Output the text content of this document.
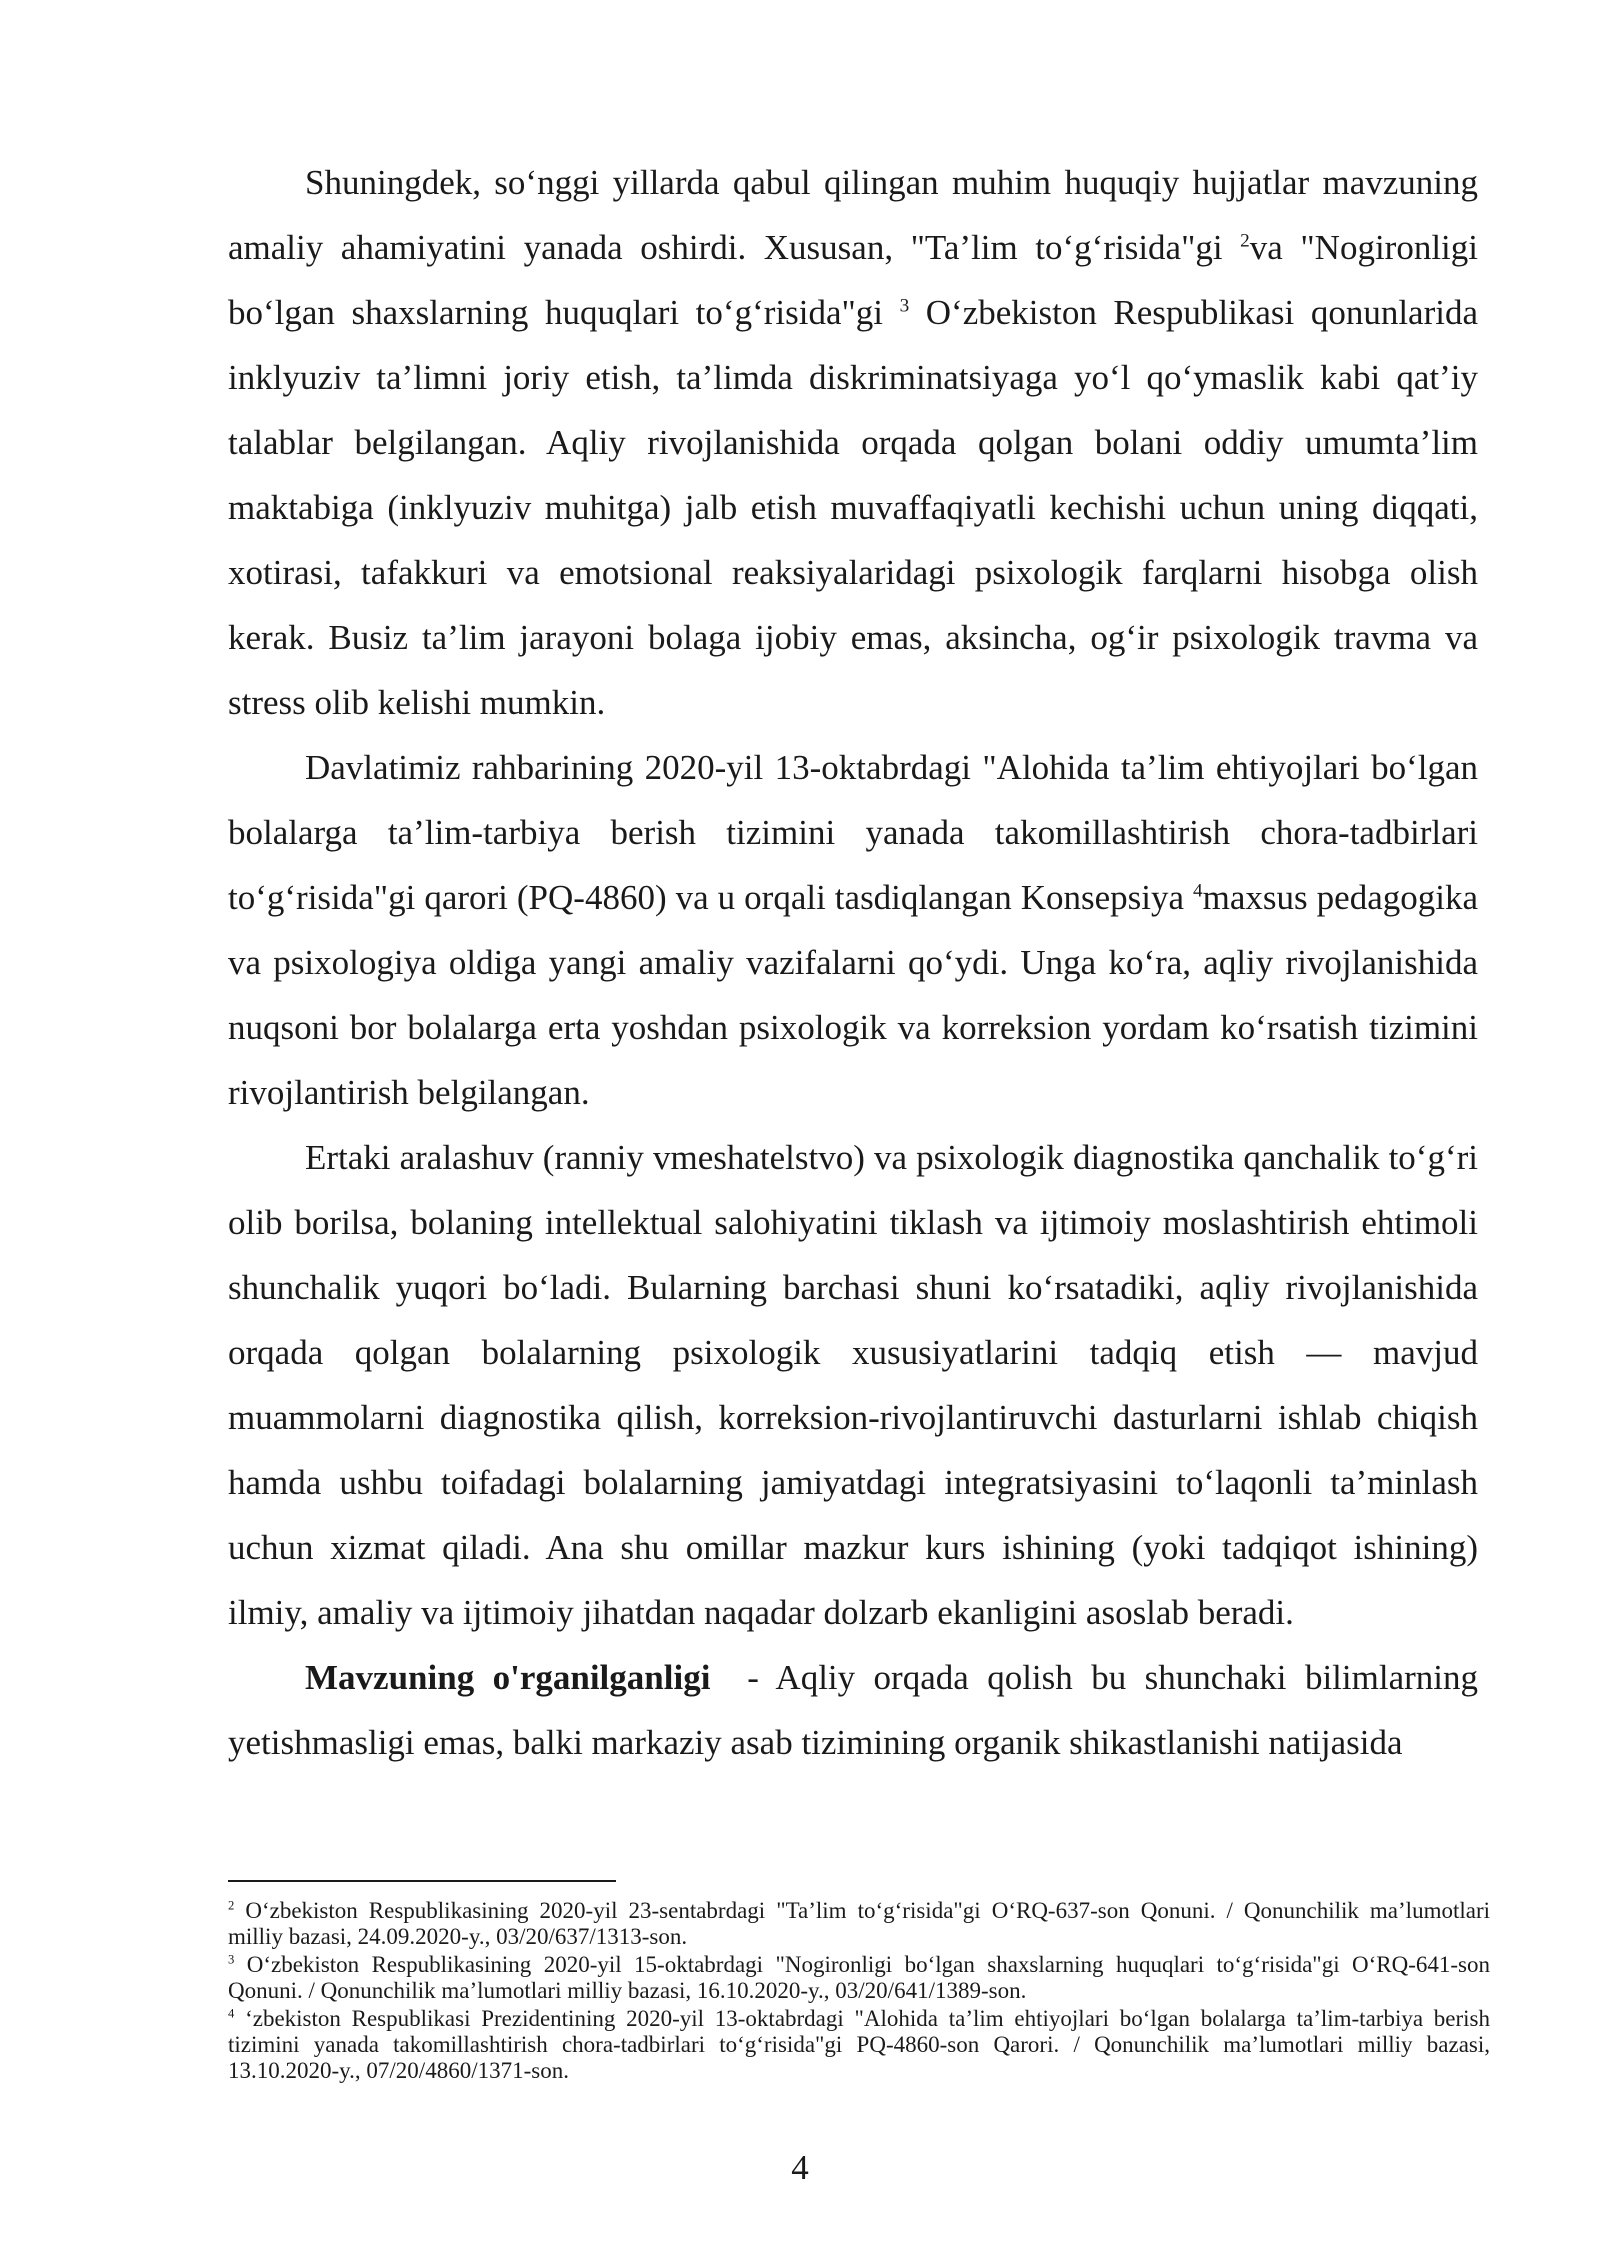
Shuningdek, so‘nggi yillarda qabul qilingan muhim huquqiy hujjatlar mavzuning amaliy ahamiyatini yanada oshirdi. Xususan, "Ta’lim to‘g‘risida"gi $^2$va "Nogironligi bo‘lgan shaxslarning huquqlari to‘g‘risida"gi $^3$ O‘zbekiston Respublikasi qonunlarida inklyuziv ta’limni joriy etish, ta’limda diskriminatsiyaga yo‘l qo‘ymaslik kabi qat’iy talablar belgilangan. Aqliy rivojlanishida orqada qolgan bolani oddiy umumta’lim maktabiga (inklyuziv muhitga) jalb etish muvaffaqiyatli kechishi uchun uning diqqati, xotirasi, tafakkuri va emotsional reaksiyalaridagi psixologik farqlarni hisobga olish kerak. Busiz ta’lim jarayoni bolaga ijobiy emas, aksincha, og‘ir psixologik travma va stress olib kelishi mumkin.

Davlatimiz rahbarining 2020-yil 13-oktabrdagi "Alohida ta’lim ehtiyojlari bo‘lgan bolalarga ta’lim-tarbiya berish tizimini yanada takomillashtirish chora-tadbirlari to‘g‘risida"gi qarori (PQ-4860) va u orqali tasdiqlangan Konsepsiya $^4$maxsus pedagogika va psixologiya oldiga yangi amaliy vazifalarni qo‘ydi. Unga ko‘ra, aqliy rivojlanishida nuqsoni bor bolalarga erta yoshdan psixologik va korreksion yordam ko‘rsatish tizimini rivojlantirish belgilangan.

Ertaki aralashuv (ranniy vmeshatelstvo) va psixologik diagnostika qanchalik to‘g‘ri olib borilsa, bolaning intellektual salohiyatini tiklash va ijtimoiy moslashtirish ehtimoli shunchalik yuqori bo‘ladi. Bularning barchasi shuni ko‘rsatadiki, aqliy rivojlanishida orqada qolgan bolalarning psixologik xususiyatlarini tadqiq etish — mavjud muammolarni diagnostika qilish, korreksion-rivojlantiruvchi dasturlarni ishlab chiqish hamda ushbu toifadagi bolalarning jamiyatdagi integratsiyasini to‘laqonli ta’minlash uchun xizmat qiladi. Ana shu omillar mazkur kurs ishining (yoki tadqiqot ishining) ilmiy, amaliy va ijtimoiy jihatdan naqadar dolzarb ekanligini asoslab beradi.

Mavzuning o'rganilganligi  - Aqliy orqada qolish bu shunchaki bilimlarning yetishmasligi emas, balki markaziy asab tizimining organik shikastlanishi natijasida

$^2$ O‘zbekiston Respublikasining 2020-yil 23-sentabrdagi "Ta’lim to‘g‘risida"gi O‘RQ-637-son Qonuni. / Qonunchilik ma’lumotlari milliy bazasi, 24.09.2020-y., 03/20/637/1313-son.

$^3$ O‘zbekiston Respublikasining 2020-yil 15-oktabrdagi "Nogironligi bo‘lgan shaxslarning huquqlari to‘g‘risida"gi O‘RQ-641-son Qonuni. / Qonunchilik ma’lumotlari milliy bazasi, 16.10.2020-y., 03/20/641/1389-son.

$^4$ ‘zbekiston Respublikasi Prezidentining 2020-yil 13-oktabrdagi "Alohida ta’lim ehtiyojlari bo‘lgan bolalarga ta’lim-tarbiya berish tizimini yanada takomillashtirish chora-tadbirlari to‘g‘risida"gi PQ-4860-son Qarori. / Qonunchilik ma’lumotlari milliy bazasi, 13.10.2020-y., 07/20/4860/1371-son.

4
